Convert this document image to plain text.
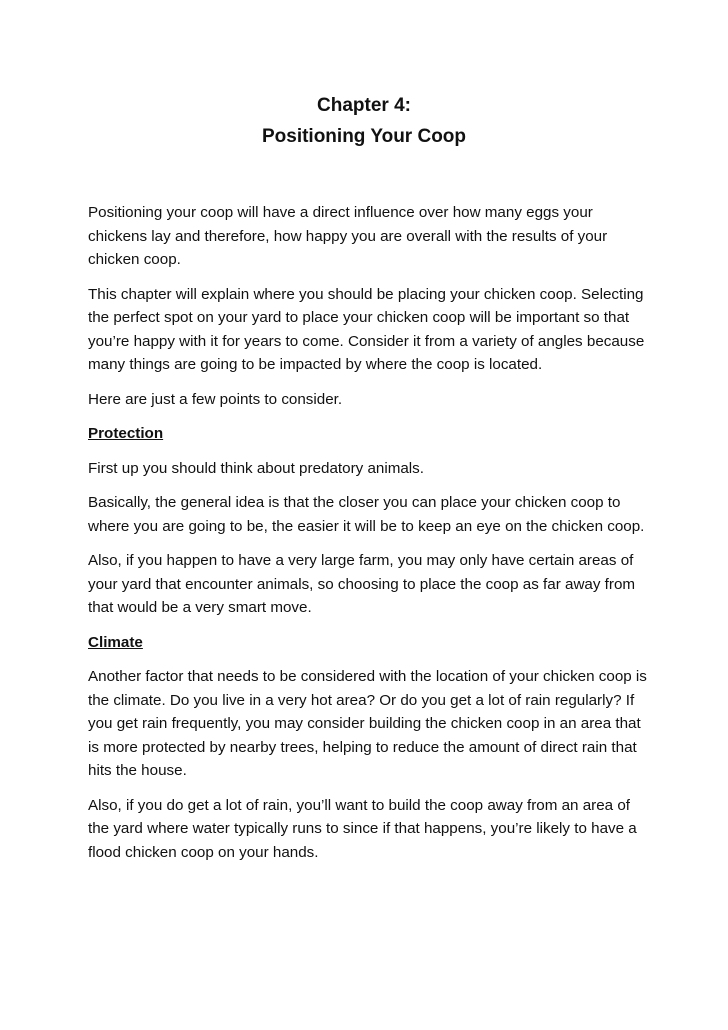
Chapter 4:
Positioning Your Coop

Positioning your coop will have a direct influence over how many eggs your chickens lay and therefore, how happy you are overall with the results of your chicken coop.

This chapter will explain where you should be placing your chicken coop. Selecting the perfect spot on your yard to place your chicken coop will be important so that you’re happy with it for years to come. Consider it from a variety of angles because many things are going to be impacted by where the coop is located.

Here are just a few points to consider.

Protection

First up you should think about predatory animals.

Basically, the general idea is that the closer you can place your chicken coop to where you are going to be, the easier it will be to keep an eye on the chicken coop.

Also, if you happen to have a very large farm, you may only have certain areas of your yard that encounter animals, so choosing to place the coop as far away from that would be a very smart move.

Climate

Another factor that needs to be considered with the location of your chicken coop is the climate. Do you live in a very hot area? Or do you get a lot of rain regularly? If you get rain frequently, you may consider building the chicken coop in an area that is more protected by nearby trees, helping to reduce the amount of direct rain that hits the house.

Also, if you do get a lot of rain, you’ll want to build the coop away from an area of the yard where water typically runs to since if that happens, you’re likely to have a flood chicken coop on your hands.
